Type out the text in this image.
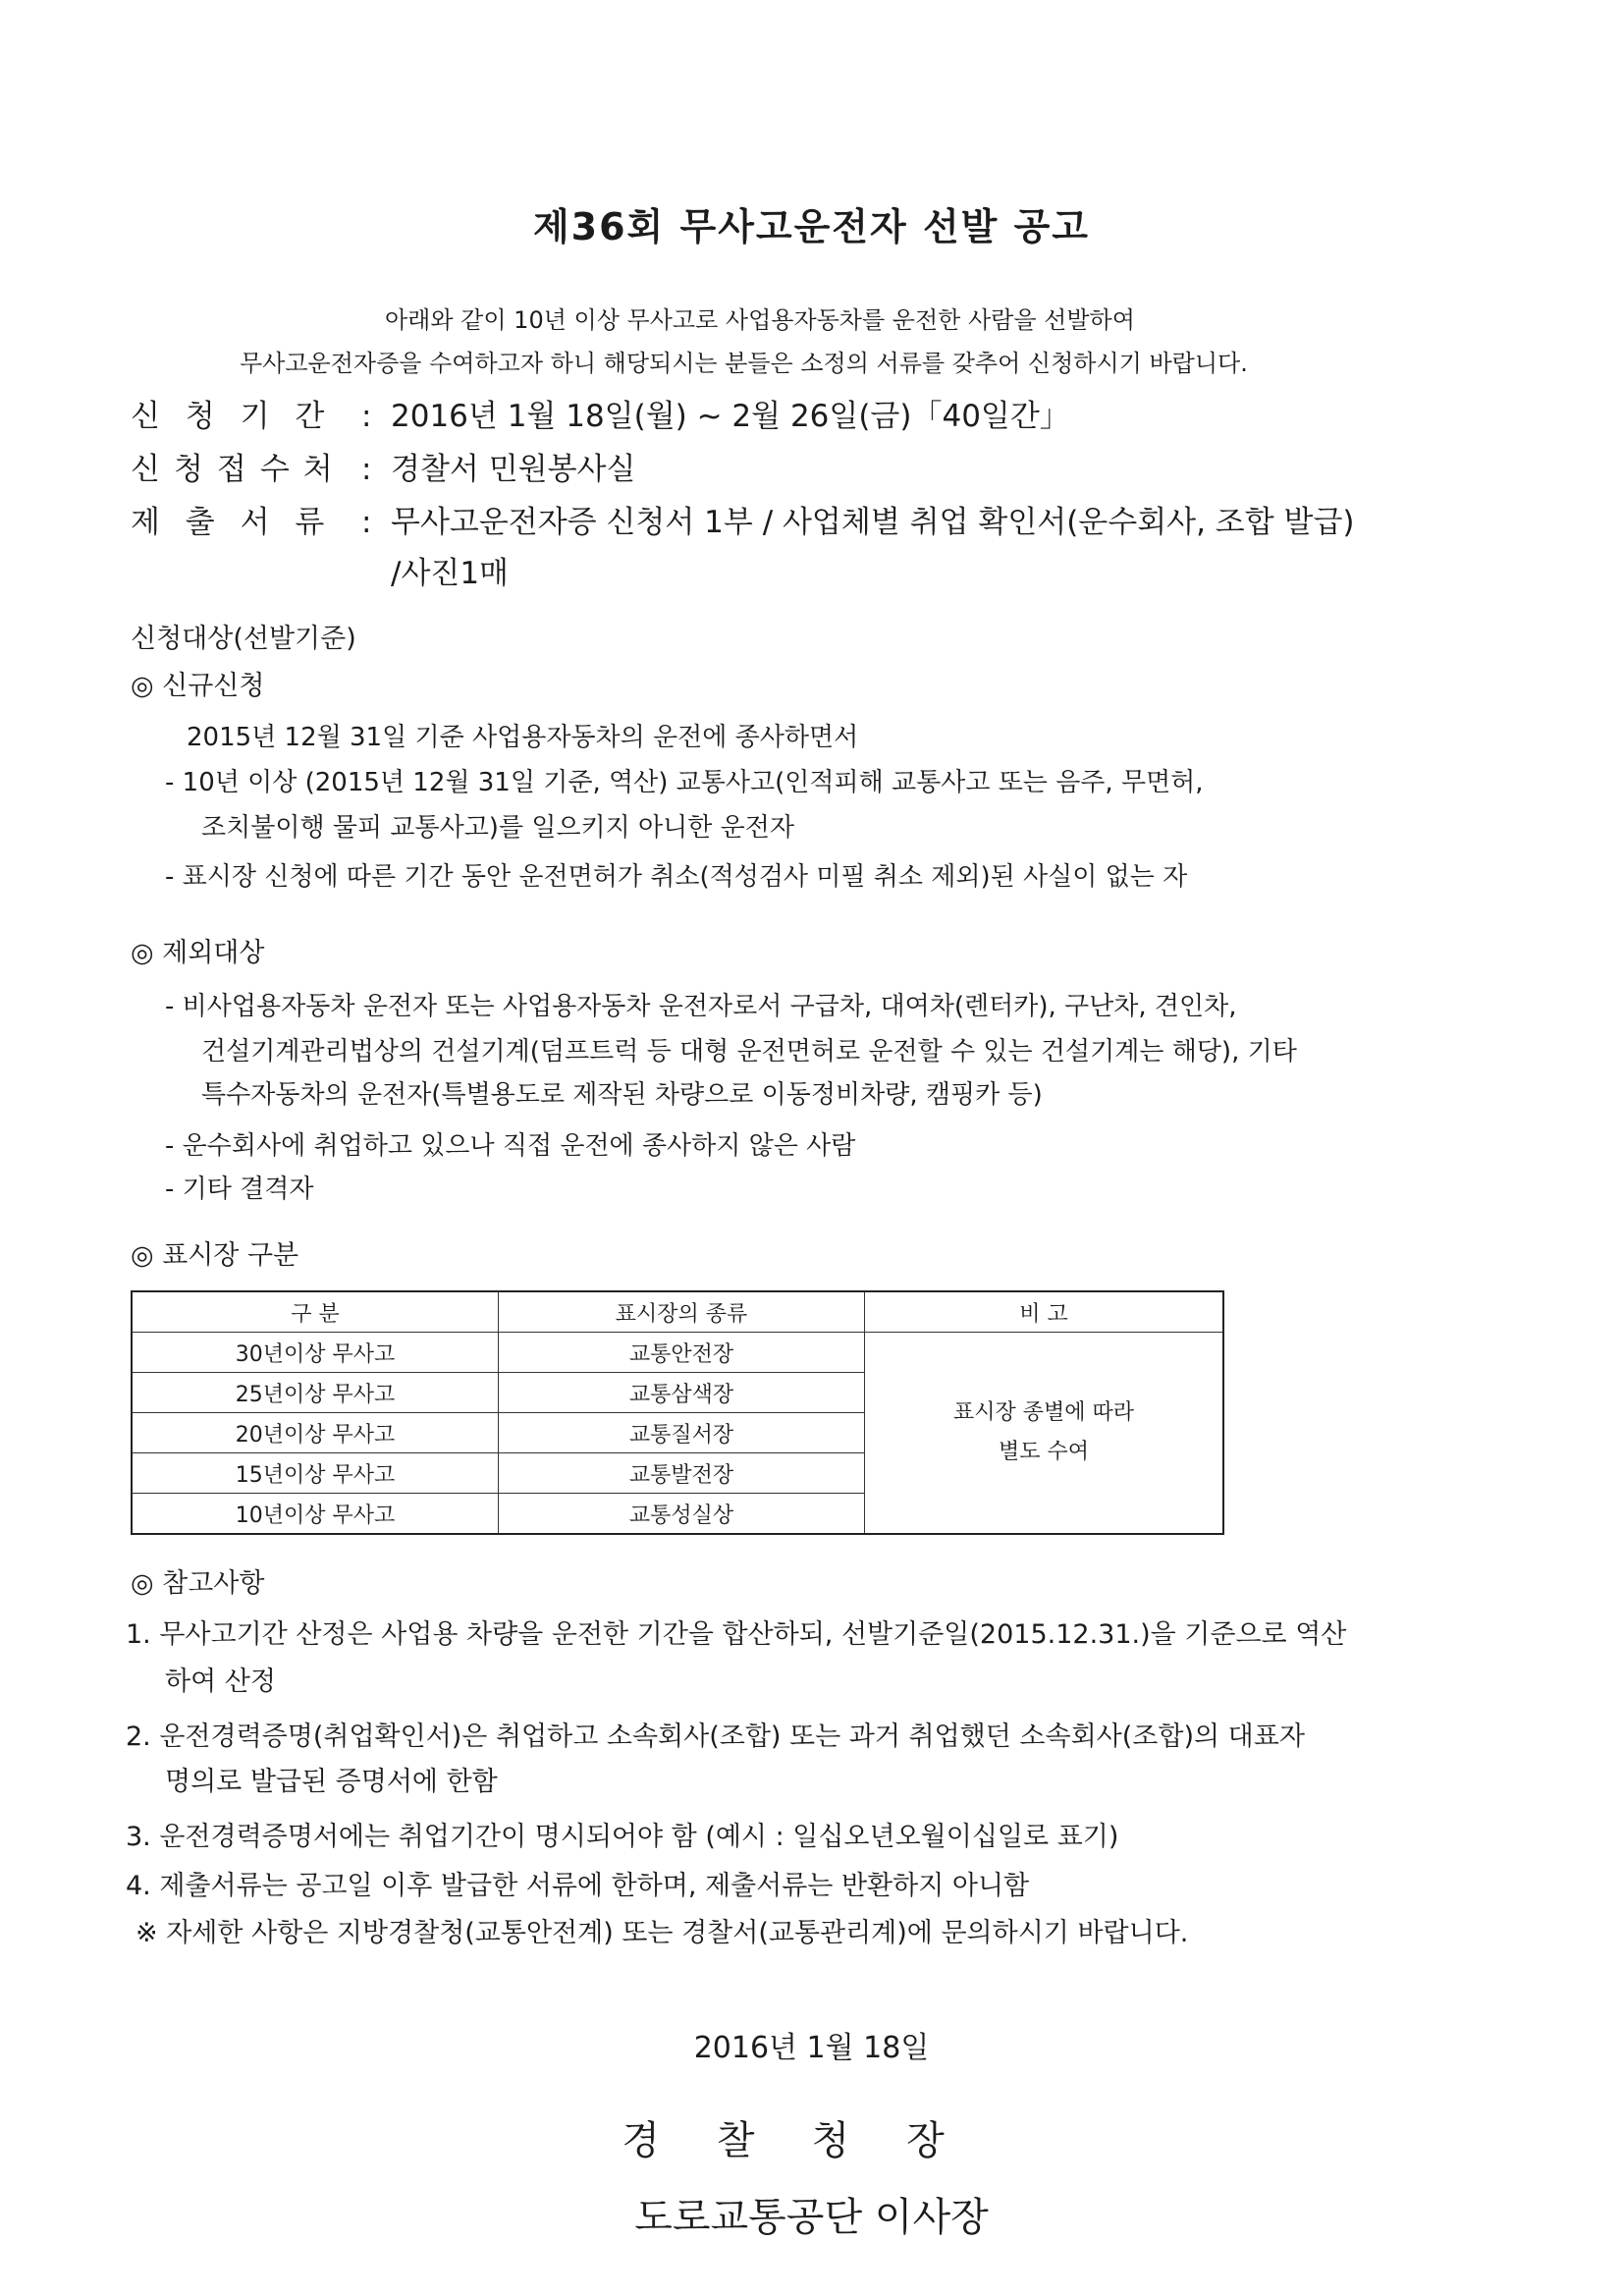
제36회 무사고운전자 선발 공고
아래와 같이 10년 이상 무사고로 사업용자동차를 운전한 사람을 선발하여
무사고운전자증을 수여하고자 하니 해당되시는 분들은 소정의 서류를 갖추어 신청하시기 바랍니다.
신 청 기 간 : 2016년 1월 18일(월) ~ 2월 26일(금)「40일간」
신청접수처 : 경찰서 민원봉사실
제 출 서 류 : 무사고운전자증 신청서 1부 / 사업체별 취업 확인서(운수회사, 조합 발급)
/사진1매
신청대상(선발기준)
◎ 신규신청
2015년 12월 31일 기준 사업용자동차의 운전에 종사하면서
- 10년 이상 (2015년 12월 31일 기준, 역산) 교통사고(인적피해 교통사고 또는 음주, 무면허,
조치불이행 물피 교통사고)를 일으키지 아니한 운전자
- 표시장 신청에 따른 기간 동안 운전면허가 취소(적성검사 미필 취소 제외)된 사실이 없는 자
◎ 제외대상
- 비사업용자동차 운전자 또는 사업용자동차 운전자로서 구급차, 대여차(렌터카), 구난차, 견인차,
건설기계관리법상의 건설기계(덤프트럭 등 대형 운전면허로 운전할 수 있는 건설기계는 해당), 기타
특수자동차의 운전자(특별용도로 제작된 차량으로 이동정비차량, 캠핑카 등)
- 운수회사에 취업하고 있으나 직접 운전에 종사하지 않은 사람
- 기타 결격자
◎ 표시장 구분
구 분	표시장의 종류	비 고
30년이상 무사고	교통안전장	표시장 종별에 따라
별도 수여

25년이상 무사고	교통삼색장	
20년이상 무사고	교통질서장	
15년이상 무사고	교통발전장	
10년이상 무사고	교통성실상	
◎ 참고사항
1. 무사고기간 산정은 사업용 차량을 운전한 기간을 합산하되, 선발기준일(2015.12.31.)을 기준으로 역산
하여 산정
2. 운전경력증명(취업확인서)은 취업하고 소속회사(조합) 또는 과거 취업했던 소속회사(조합)의 대표자
명의로 발급된 증명서에 한함
3. 운전경력증명서에는 취업기간이 명시되어야 함 (예시 : 일십오년오월이십일로 표기)
4. 제출서류는 공고일 이후 발급한 서류에 한하며, 제출서류는 반환하지 아니함
※ 자세한 사항은 지방경찰청(교통안전계) 또는 경찰서(교통관리계)에 문의하시기 바랍니다.
2016년 1월 18일
경찰청장
도로교통공단 이사장
